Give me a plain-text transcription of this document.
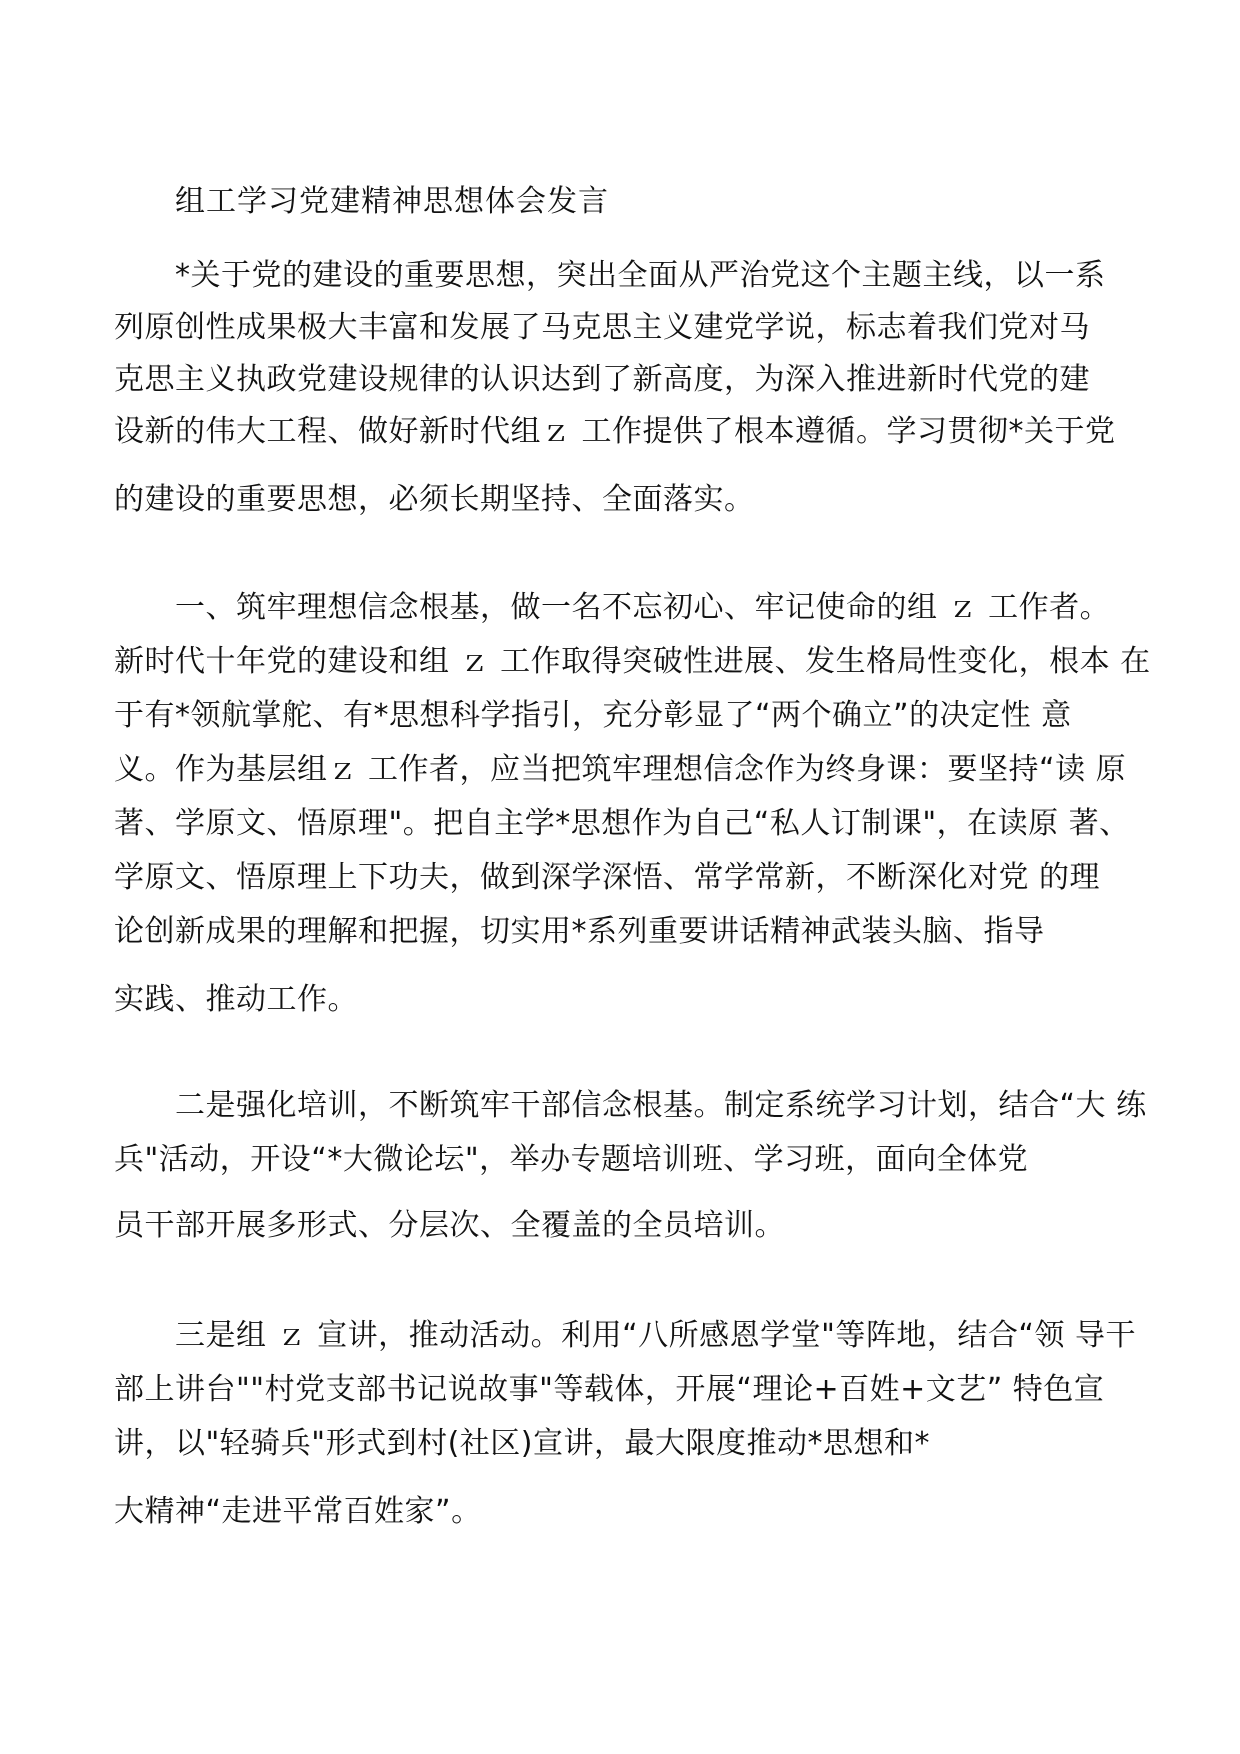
组工学习党建精神思想体会发言
*关于党的建设的重要思想，突出全面从严治党这个主题主线，以一系
列原创性成果极大丰富和发展了马克思主义建党学说，标志着我们党对马
克思主义执政党建设规律的认识达到了新高度，为深入推进新时代党的建
设新的伟大工程、做好新时代组ｚ 工作提供了根本遵循。学习贯彻*关于党
的建设的重要思想，必须长期坚持、全面落实。
一、筑牢理想信念根基，做一名不忘初心、牢记使命的组 ｚ 工作者。
新时代十年党的建设和组 ｚ 工作取得突破性进展、发生格局性变化，根本 在
于有*领航掌舵、有*思想科学指引，充分彰显了“两个确立”的决定性 意
义。作为基层组ｚ 工作者，应当把筑牢理想信念作为终身课：要坚持“读 原
著、学原文、悟原理"。把自主学*思想作为自己“私人订制课"，在读原 著、
学原文、悟原理上下功夫，做到深学深悟、常学常新，不断深化对党 的理
论创新成果的理解和把握，切实用*系列重要讲话精神武装头脑、指导
实践、推动工作。
二是强化培训，不断筑牢干部信念根基。制定系统学习计划，结合“大 练
兵"活动，开设“*大微论坛"，举办专题培训班、学习班，面向全体党
员干部开展多形式、分层次、全覆盖的全员培训。
三是组 ｚ 宣讲，推动活动。利用“八所感恩学堂"等阵地，结合“领 导干
部上讲台""村党支部书记说故事"等载体，开展“理论+百姓+文艺” 特色宣
讲，以"轻骑兵"形式到村(社区)宣讲，最大限度推动*思想和*
大精神“走进平常百姓家”。
